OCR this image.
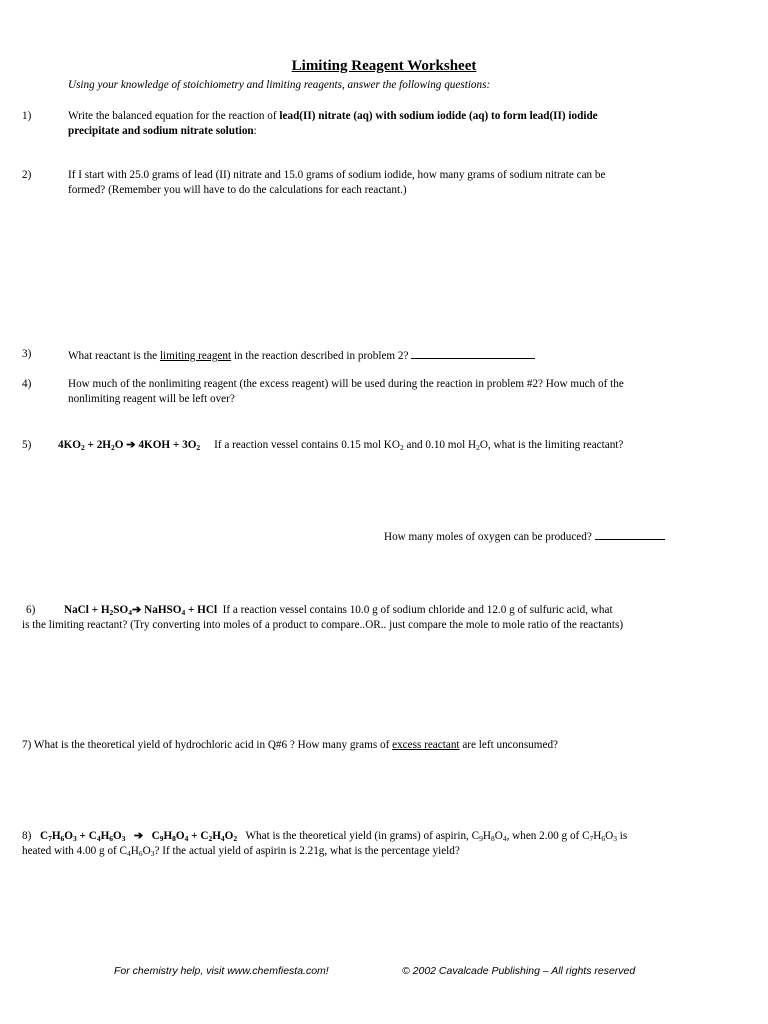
Limiting Reagent Worksheet
Using your knowledge of stoichiometry and limiting reagents, answer the following questions:
1)	Write the balanced equation for the reaction of lead(II) nitrate (aq) with sodium iodide (aq) to form lead(II) iodide
precipitate and sodium nitrate solution:
2)	If I start with 25.0 grams of lead (II) nitrate and 15.0 grams of sodium iodide, how many grams of sodium nitrate can be
formed? (Remember you will have to do the calculations for each reactant.)
3)	What reactant is the limiting reagent in the reaction described in problem 2?
4)	How much of the nonlimiting reagent (the excess reagent) will be used during the reaction in problem #2? How much of the
nonlimiting reagent will be left over?
5) $4KO_2 + 2H_2O$ ➔ $4KOH + 3O_2$ If a reaction vessel contains 0.15 mol $KO_2$ and 0.10 mol $H_2O$, what is the limiting reactant?
How many moles of oxygen can be produced?
6)	NaCl + $H_2SO_4➔$ NaHSO$_4$ + HCl If a reaction vessel contains 10.0 g of sodium chloride and 12.0 g of sulfuric acid, what
is the limiting reactant? (Try converting into moles of a product to compare..OR.. just compare the mole to mole ratio of the reactants)
7) What is the theoretical yield of hydrochloric acid in Q#6 ? How many grams of excess reactant are left unconsumed?
8) $C_7H_6O_3 + C_4H_6O_3$ ➔ $C_9H_8O_4 + C_2H_4O_2$ What is the theoretical yield (in grams) of aspirin, $C_9H_8O_4$, when 2.00 g of $C_7H_6O_3$ is
heated with 4.00 g of $C_4H_6O_3$? If the actual yield of aspirin is 2.21g, what is the percentage yield?
For chemistry help, visit www.chemfiesta.com!	© 2002 Cavalcade Publishing – All rights reserved
